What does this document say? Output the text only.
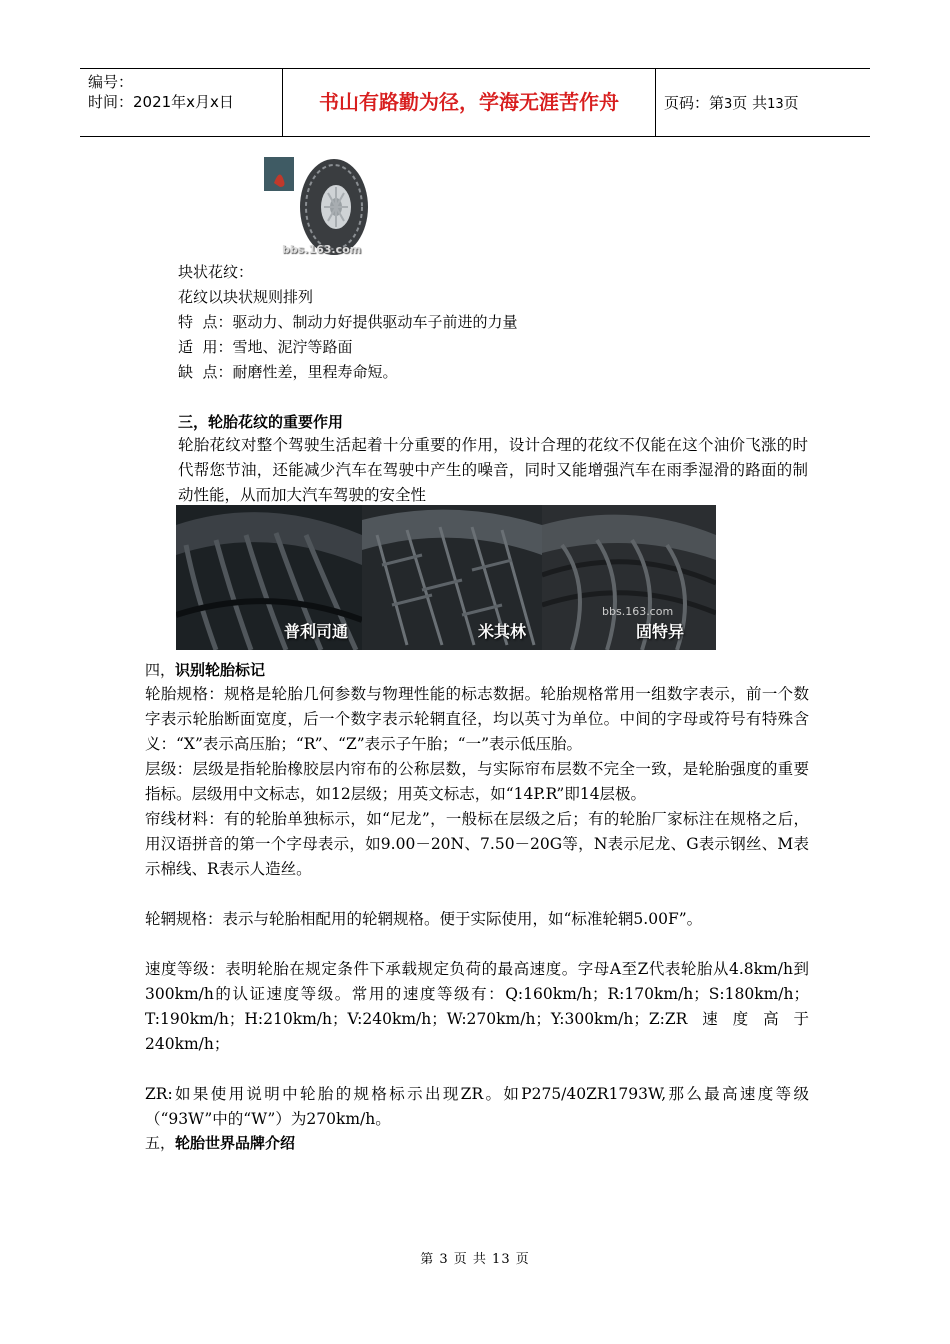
编号：
时间：2021年x月x日	书山有路勤为径，学海无涯苦作舟	页码：第3页 共13页
bbs.163.com
块状花纹：
花纹以块状规则排列
特  点：驱动力、制动力好提供驱动车子前进的力量
适  用：雪地、泥泞等路面
缺  点：耐磨性差，里程寿命短。
三，轮胎花纹的重要作用
轮胎花纹对整个驾驶生活起着十分重要的作用，设计合理的花纹不仅能在这个油价飞涨的时代帮您节油，还能减少汽车在驾驶中产生的噪音，同时又能增强汽车在雨季湿滑的路面的制动性能，从而加大汽车驾驶的安全性
普利司通	米其林
bbs.163.com
固特异
四，识别轮胎标记
轮胎规格：规格是轮胎几何参数与物理性能的标志数据。轮胎规格常用一组数字表示，前一个数字表示轮胎断面宽度，后一个数字表示轮辋直径，均以英寸为单位。中间的字母或符号有特殊含义：“X”表示高压胎；“R”、“Z”表示子午胎；“一”表示低压胎。
层级：层级是指轮胎橡胶层内帘布的公称层数，与实际帘布层数不完全一致，是轮胎强度的重要指标。层级用中文标志，如12层级；用英文标志，如“14P.R”即14层极。
帘线材料：有的轮胎单独标示，如“尼龙”，一般标在层级之后；有的轮胎厂家标注在规格之后，用汉语拼音的第一个字母表示，如9.00－20N、7.50－20G等，N表示尼龙、G表示钢丝、M表示棉线、R表示人造丝。
轮辋规格：表示与轮胎相配用的轮辋规格。便于实际使用，如“标准轮辋5.00F”。
速度等级：表明轮胎在规定条件下承载规定负荷的最高速度。字母A至Z代表轮胎从4.8km/h到300km/h的认证速度等级。常用的速度等级有：Q:160km/h；R:170km/h；S:180km/h；T:190km/h；H:210km/h；V:240km/h；W:270km/h；Y:300km/h；Z:ZR速度高于240km/h；
ZR:如果使用说明中轮胎的规格标示出现ZR。如P275/40ZR1793W,那么最高速度等级（“93W”中的“W”）为270km/h。
五，轮胎世界品牌介绍
第 3 页 共 13 页
